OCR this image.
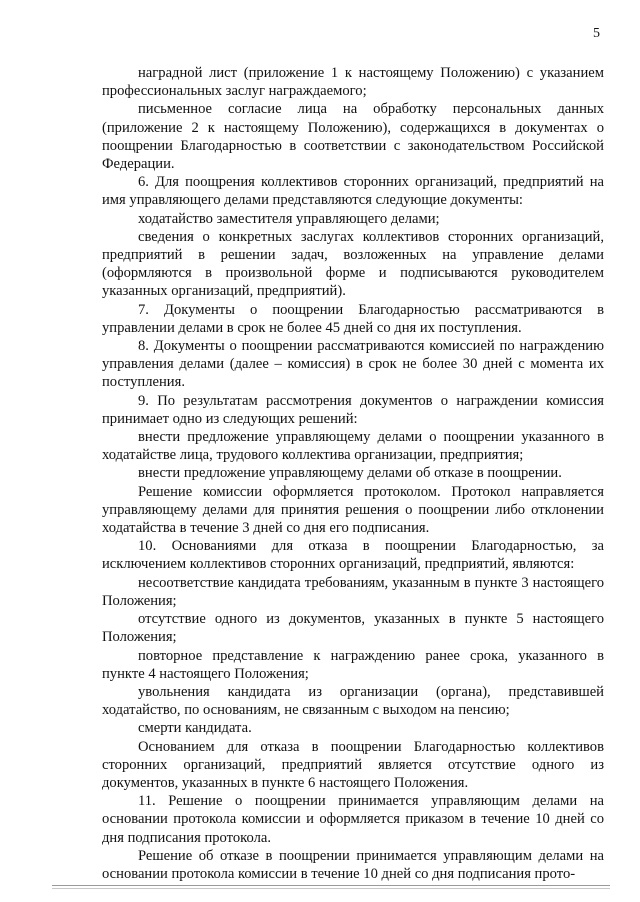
5

наградной лист (приложение 1 к настоящему Положению) с указанием профессиональных заслуг награждаемого;

письменное согласие лица на обработку персональных данных (приложение 2 к настоящему Положению), содержащихся в документах о поощрении Благодарностью в соответствии с законодательством Российской Федерации.

6. Для поощрения коллективов сторонних организаций, предприятий на имя управляющего делами представляются следующие документы:

ходатайство заместителя управляющего делами;

сведения о конкретных заслугах коллективов сторонних организаций, предприятий в решении задач, возложенных на управление делами (оформляются в произвольной форме и подписываются руководителем указанных организаций, предприятий).

7. Документы о поощрении Благодарностью рассматриваются в управлении делами в срок не более 45 дней со дня их поступления.

8. Документы о поощрении рассматриваются комиссией по награждению управления делами (далее – комиссия) в срок не более 30 дней с момента их поступления.

9. По результатам рассмотрения документов о награждении комиссия принимает одно из следующих решений:

внести предложение управляющему делами о поощрении указанного в ходатайстве лица, трудового коллектива организации, предприятия;

внести предложение управляющему делами об отказе в поощрении.

Решение комиссии оформляется протоколом. Протокол направляется управляющему делами для принятия решения о поощрении либо отклонении ходатайства в течение 3 дней со дня его подписания.

10. Основаниями для отказа в поощрении Благодарностью, за исключением коллективов сторонних организаций, предприятий, являются:

несоответствие кандидата требованиям, указанным в пункте 3 настоящего Положения;

отсутствие одного из документов, указанных в пункте 5 настоящего Положения;

повторное представление к награждению ранее срока, указанного в пункте 4 настоящего Положения;

увольнения кандидата из организации (органа), представившей ходатайство, по основаниям, не связанным с выходом на пенсию;

смерти кандидата.

Основанием для отказа в поощрении Благодарностью коллективов сторонних организаций, предприятий является отсутствие одного из документов, указанных в пункте 6 настоящего Положения.

11. Решение о поощрении принимается управляющим делами на основании протокола комиссии и оформляется приказом в течение 10 дней со дня подписания протокола.

Решение об отказе в поощрении принимается управляющим делами на основании протокола комиссии в течение 10 дней со дня подписания прото-
